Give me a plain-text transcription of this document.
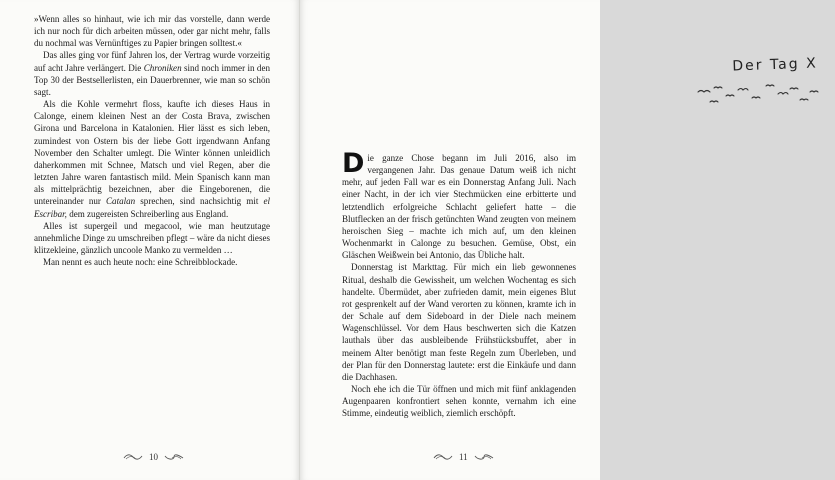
»Wenn alles so hinhaut, wie ich mir das vorstelle, dann werde ich nur noch für dich arbeiten müssen, oder gar nicht mehr, falls du nochmal was Vernünftiges zu Papier bringen solltest.«

Das alles ging vor fünf Jahren los, der Vertrag wurde vorzeitig auf acht Jahre verlängert. Die Chroniken sind noch immer in den Top 30 der Bestsellerlisten, ein Dauerbrenner, wie man so schön sagt.

Als die Kohle vermehrt floss, kaufte ich dieses Haus in Calonge, einem kleinen Nest an der Costa Brava, zwischen Girona und Barcelona in Katalonien. Hier lässt es sich leben, zumindest von Ostern bis der liebe Gott irgendwann Anfang November den Schalter umlegt. Die Winter können unleidlich daherkommen mit Schnee, Matsch und viel Regen, aber die letzten Jahre waren fantastisch mild. Mein Spanisch kann man als mittelprächtig bezeichnen, aber die Eingeborenen, die untereinander nur Catalan sprechen, sind nachsichtig mit el Escribar, dem zugereisten Schreiberling aus England.

Alles ist supergeil und megacool, wie man heutzutage annehmliche Dinge zu umschreiben pflegt – wäre da nicht dieses klitzekleine, gänzlich uncoole Manko zu vermelden …

Man nennt es auch heute noch: eine Schreibblockade.

10
Der Tag X

Die ganze Chose begann im Juli 2016, also im vergangenen Jahr. Das genaue Datum weiß ich nicht mehr, auf jeden Fall war es ein Donnerstag Anfang Juli. Nach einer Nacht, in der ich vier Stechmücken eine erbitterte und letztendlich erfolgreiche Schlacht geliefert hatte – die Blutflecken an der frisch getünchten Wand zeugten von meinem heroischen Sieg – machte ich mich auf, um den kleinen Wochenmarkt in Calonge zu besuchen. Gemüse, Obst, ein Gläschen Weißwein bei Antonio, das Übliche halt.

Donnerstag ist Markttag. Für mich ein lieb gewonnenes Ritual, deshalb die Gewissheit, um welchen Wochentag es sich handelte. Übermüdet, aber zufrieden damit, mein eigenes Blut rot gesprenkelt auf der Wand verorten zu können, kramte ich in der Schale auf dem Sideboard in der Diele nach meinem Wagenschlüssel. Vor dem Haus beschwerten sich die Katzen lauthals über das ausbleibende Frühstücksbuffet, aber in meinem Alter benötigt man feste Regeln zum Überleben, und der Plan für den Donnerstag lautete: erst die Einkäufe und dann die Dachhasen.

Noch ehe ich die Tür öffnen und mich mit fünf anklagenden Augenpaaren konfrontiert sehen konnte, vernahm ich eine Stimme, eindeutig weiblich, ziemlich erschöpft.

11
